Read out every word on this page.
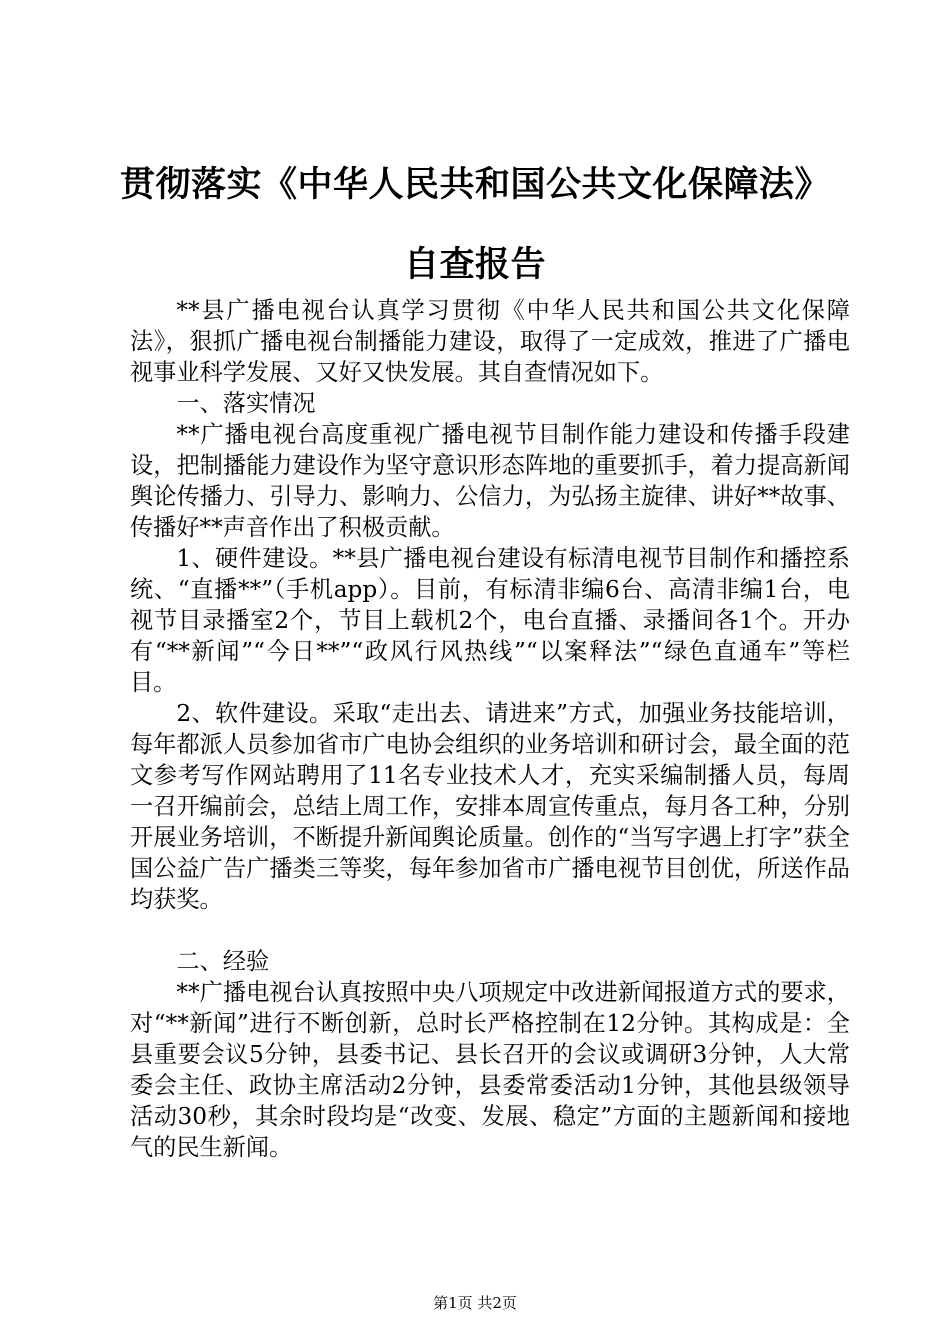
贯彻落实《中华人民共和国公共文化保障法》
自查报告

**县广播电视台认真学习贯彻《中华人民共和国公共文化保障法》，狠抓广播电视台制播能力建设，取得了一定成效，推进了广播电视事业科学发展、又好又快发展。其自查情况如下。

一、落实情况

**广播电视台高度重视广播电视节目制作能力建设和传播手段建设，把制播能力建设作为坚守意识形态阵地的重要抓手，着力提高新闻舆论传播力、引导力、影响力、公信力，为弘扬主旋律、讲好**故事、传播好**声音作出了积极贡献。

1、硬件建设。**县广播电视台建设有标清电视节目制作和播控系统、“直播**”（手机app）。目前，有标清非编6台、高清非编1台，电视节目录播室2个，节目上载机2个，电台直播、录播间各1个。开办有“**新闻”“今日**”“政风行风热线”“以案释法”“绿色直通车”等栏目。

2、软件建设。采取“走出去、请进来”方式，加强业务技能培训，每年都派人员参加省市广电协会组织的业务培训和研讨会，最全面的范文参考写作网站聘用了11名专业技术人才，充实采编制播人员，每周一召开编前会，总结上周工作，安排本周宣传重点，每月各工种，分别开展业务培训，不断提升新闻舆论质量。创作的“当写字遇上打字”获全国公益广告广播类三等奖，每年参加省市广播电视节目创优，所送作品均获奖。

二、经验

**广播电视台认真按照中央八项规定中改进新闻报道方式的要求，对“**新闻”进行不断创新，总时长严格控制在12分钟。其构成是：全县重要会议5分钟，县委书记、县长召开的会议或调研3分钟，人大常委会主任、政协主席活动2分钟，县委常委活动1分钟，其他县级领导活动30秒，其余时段均是“改变、发展、稳定”方面的主题新闻和接地气的民生新闻。

第1页 共2页
